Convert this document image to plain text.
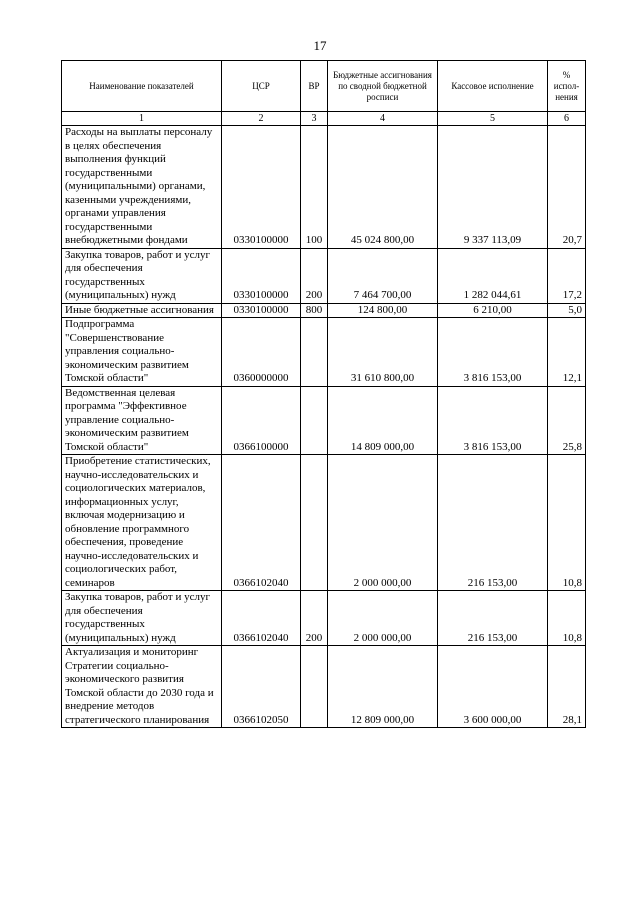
17
Наименование показателей	ЦСР	ВР	Бюджетные ассигнования по сводной бюджетной росписи	Кассовое исполнение	% испол-нения
1	2	3	4	5	6
Расходы на выплаты персоналу в целях обеспечения выполнения функций государственными (муниципальными) органами, казенными учреждениями, органами управления государственными внебюджетными фондами	0330100000	100	45 024 800,00	9 337 113,09	20,7
Закупка товаров, работ и услуг для обеспечения государственных (муниципальных) нужд	0330100000	200	7 464 700,00	1 282 044,61	17,2
Иные бюджетные ассигнования	0330100000	800	124 800,00	6 210,00	5,0
Подпрограмма "Совершенствование управления социально-экономическим развитием Томской области"	0360000000		31 610 800,00	3 816 153,00	12,1
Ведомственная целевая программа "Эффективное управление социально-экономическим развитием Томской области"	0366100000		14 809 000,00	3 816 153,00	25,8
Приобретение статистических, научно-исследовательских и социологических материалов, информационных услуг, включая модернизацию и обновление программного обеспечения, проведение научно-исследовательских и социологических работ, семинаров	0366102040		2 000 000,00	216 153,00	10,8
Закупка товаров, работ и услуг для обеспечения государственных (муниципальных) нужд	0366102040	200	2 000 000,00	216 153,00	10,8
Актуализация и мониторинг Стратегии социально-экономического развития Томской области до 2030 года и внедрение методов стратегического планирования	0366102050		12 809 000,00	3 600 000,00	28,1
